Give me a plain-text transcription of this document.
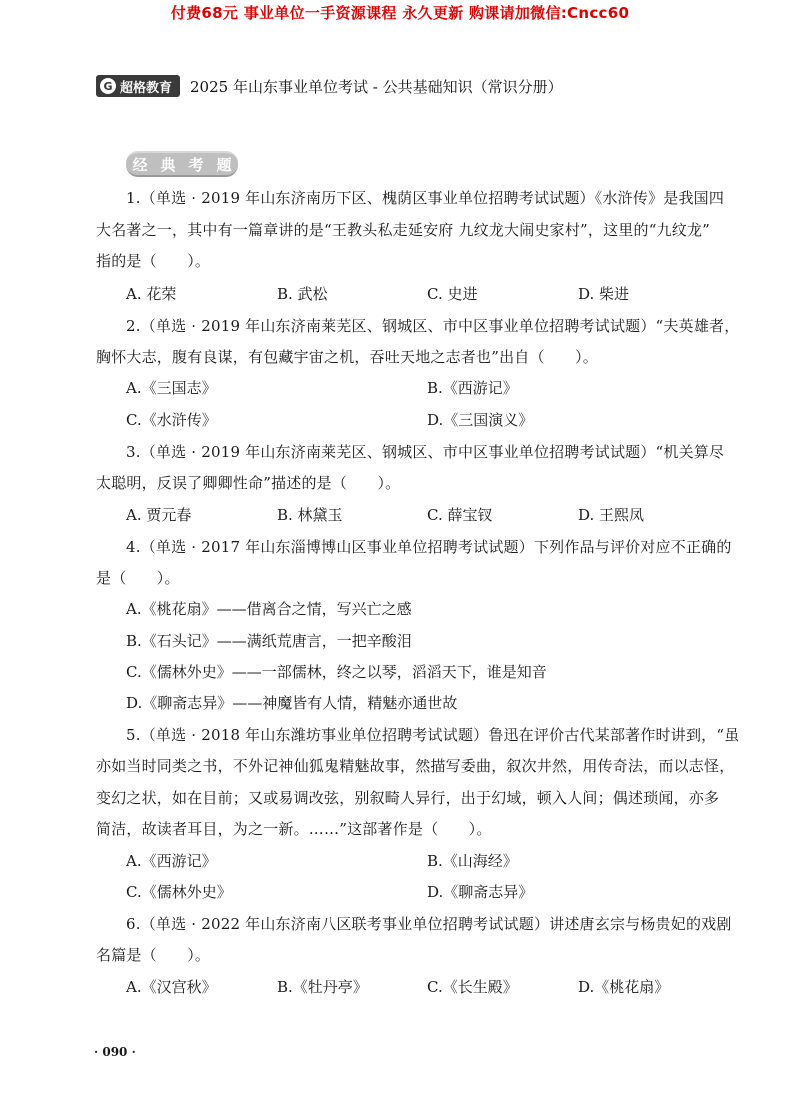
付费68元 事业单位一手资源课程 永久更新 购课请加微信:Cncc60
G 超格教育 2025 年山东事业单位考试 - 公共基础知识（常识分册）
经 典 考 题
1.（单选 · 2019 年山东济南历下区、槐荫区事业单位招聘考试试题）《水浒传》是我国四
大名著之一，其中有一篇章讲的是“王教头私走延安府 九纹龙大闹史家村”，这里的“九纹龙”
指的是（　　）。
A. 花荣	B. 武松	C. 史进	D. 柴进
2.（单选 · 2019 年山东济南莱芜区、钢城区、市中区事业单位招聘考试试题）“夫英雄者，
胸怀大志，腹有良谋，有包藏宇宙之机，吞吐天地之志者也”出自（　　）。
A.《三国志》	B.《西游记》
C.《水浒传》	D.《三国演义》
3.（单选 · 2019 年山东济南莱芜区、钢城区、市中区事业单位招聘考试试题）“机关算尽
太聪明，反误了卿卿性命”描述的是（　　）。
A. 贾元春	B. 林黛玉	C. 薛宝钗	D. 王熙凤
4.（单选 · 2017 年山东淄博博山区事业单位招聘考试试题）下列作品与评价对应不正确的
是（　　）。
A.《桃花扇》——借离合之情，写兴亡之感
B.《石头记》——满纸荒唐言，一把辛酸泪
C.《儒林外史》——一部儒林，终之以琴，滔滔天下，谁是知音
D.《聊斋志异》——神魔皆有人情，精魅亦通世故
5.（单选 · 2018 年山东潍坊事业单位招聘考试试题）鲁迅在评价古代某部著作时讲到，“虽
亦如当时同类之书，不外记神仙狐鬼精魅故事，然描写委曲，叙次井然，用传奇法，而以志怪，
变幻之状，如在目前；又或易调改弦，别叙畸人异行，出于幻域，顿入人间；偶述琐闻，亦多
简洁，故读者耳目，为之一新。……”这部著作是（　　）。
A.《西游记》	B.《山海经》
C.《儒林外史》	D.《聊斋志异》
6.（单选 · 2022 年山东济南八区联考事业单位招聘考试试题）讲述唐玄宗与杨贵妃的戏剧
名篇是（　　）。
A.《汉宫秋》	B.《牡丹亭》	C.《长生殿》	D.《桃花扇》
· 090 ·
